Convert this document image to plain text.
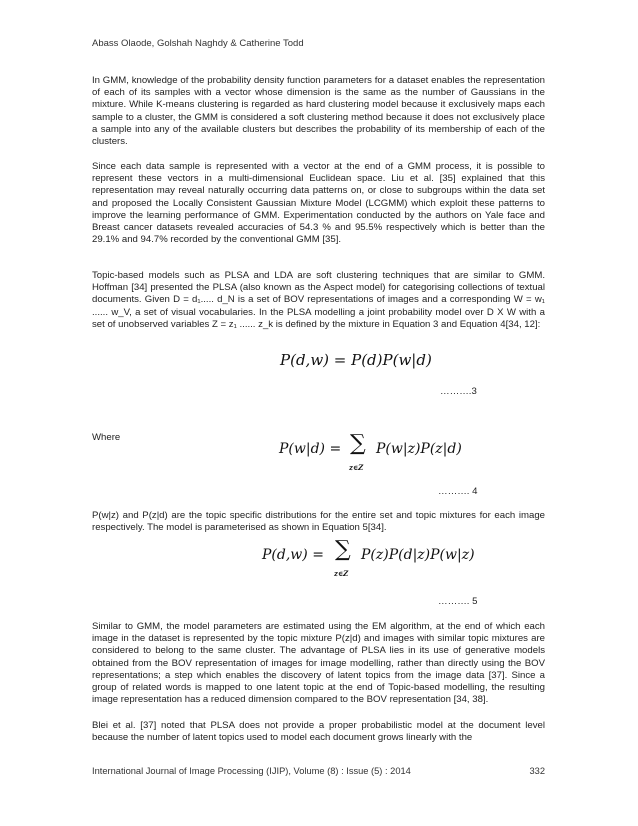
Abass Olaode, Golshah Naghdy & Catherine Todd
In GMM, knowledge of the probability density function parameters for a dataset enables the representation of each of its samples with a vector whose dimension is the same as the number of Gaussians in the mixture. While K-means clustering is regarded as hard clustering model because it exclusively maps each sample to a cluster, the GMM is considered a soft clustering method because it does not exclusively place a sample into any of the available clusters but describes the probability of its membership of each of the clusters.
Since each data sample is represented with a vector at the end of a GMM process, it is possible to represent these vectors in a multi-dimensional Euclidean space. Liu et al. [35] explained that this representation may reveal naturally occurring data patterns on, or close to subgroups within the data set and proposed the Locally Consistent Gaussian Mixture Model (LCGMM) which exploit these patterns to improve the learning performance of GMM. Experimentation conducted by the authors on Yale face and Breast cancer datasets revealed accuracies of 54.3 % and 95.5% respectively which is better than the 29.1% and 94.7% recorded by the conventional GMM [35].
Topic-based models such as PLSA and LDA are soft clustering techniques that are similar to GMM. Hoffman [34] presented the PLSA (also known as the Aspect model) for categorising collections of textual documents. Given D = d₁..... d_N is a set of BOV representations of images and a corresponding W = w₁ ...... w_V, a set of visual vocabularies. In the PLSA modelling a joint probability model over D X W with a set of unobserved variables Z = z₁ ...... z_k is defined by the mixture in Equation 3 and Equation 4[34, 12]:
P(d,w) = P(d)P(w|d)
……….3
Where
P(w|d) = ∑
z∈Z
P(w|z)P(z|d)
………. 4
P(w|z) and P(z|d) are the topic specific distributions for the entire set and topic mixtures for each image respectively. The model is parameterised as shown in Equation 5[34].
P(d,w) = ∑
z∈Z
P(z)P(d|z)P(w|z)
………. 5
Similar to GMM, the model parameters are estimated using the EM algorithm, at the end of which each image in the dataset is represented by the topic mixture P(z|d) and images with similar topic mixtures are considered to belong to the same cluster. The advantage of PLSA lies in its use of generative models obtained from the BOV representation of images for image modelling, rather than directly using the BOV representations; a step which enables the discovery of latent topics from the image data [37]. Since a group of related words is mapped to one latent topic at the end of Topic-based modelling, the resulting image representation has a reduced dimension compared to the BOV representation [34, 38].
Blei et al. [37] noted that PLSA does not provide a proper probabilistic model at the document level because the number of latent topics used to model each document grows linearly with the
International Journal of Image Processing (IJIP), Volume (8) : Issue (5) : 2014	332
